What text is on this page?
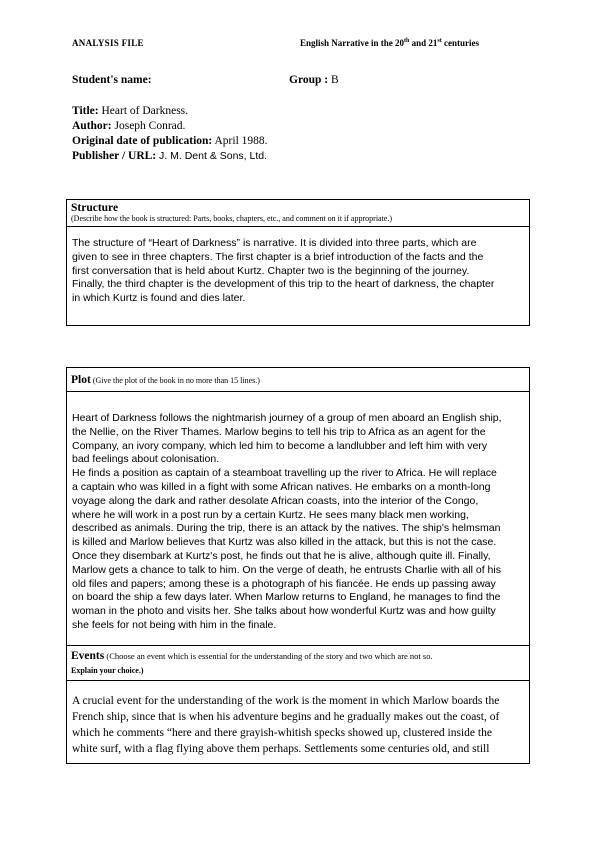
ANALYSIS FILE	English Narrative in the 20th and 21st centuries
Student's name:	Group : B
Title: Heart of Darkness.
Author: Joseph Conrad.
Original date of publication: April 1988.
Publisher / URL: J. M. Dent & Sons, Ltd.
Structure
(Describe how the book is structured: Parts, books, chapters, etc., and comment on it if appropriate.)
The structure of “Heart of Darkness” is narrative. It is divided into three parts, which are
given to see in three chapters. The first chapter is a brief introduction of the facts and the
first conversation that is held about Kurtz. Chapter two is the beginning of the journey.
Finally, the third chapter is the development of this trip to the heart of darkness, the chapter
in which Kurtz is found and dies later.
Plot (Give the plot of the book in no more than 15 lines.)
Heart of Darkness follows the nightmarish journey of a group of men aboard an English ship,
the Nellie, on the River Thames. Marlow begins to tell his trip to Africa as an agent for the
Company, an ivory company, which led him to become a landlubber and left him with very
bad feelings about colonisation.
He finds a position as captain of a steamboat travelling up the river to Africa. He will replace
a captain who was killed in a fight with some African natives. He embarks on a month-long
voyage along the dark and rather desolate African coasts, into the interior of the Congo,
where he will work in a post run by a certain Kurtz. He sees many black men working,
described as animals. During the trip, there is an attack by the natives. The ship's helmsman
is killed and Marlow believes that Kurtz was also killed in the attack, but this is not the case.
Once they disembark at Kurtz's post, he finds out that he is alive, although quite ill. Finally,
Marlow gets a chance to talk to him. On the verge of death, he entrusts Charlie with all of his
old files and papers; among these is a photograph of his fiancée. He ends up passing away
on board the ship a few days later. When Marlow returns to England, he manages to find the
woman in the photo and visits her. She talks about how wonderful Kurtz was and how guilty
she feels for not being with him in the finale.
Events (Choose an event which is essential for the understanding of the story and two which are not so.
Explain your choice.)
A crucial event for the understanding of the work is the moment in which Marlow boards the
French ship, since that is when his adventure begins and he gradually makes out the coast, of
which he comments “here and there grayish-whitish specks showed up, clustered inside the
white surf, with a flag flying above them perhaps. Settlements some centuries old, and still
